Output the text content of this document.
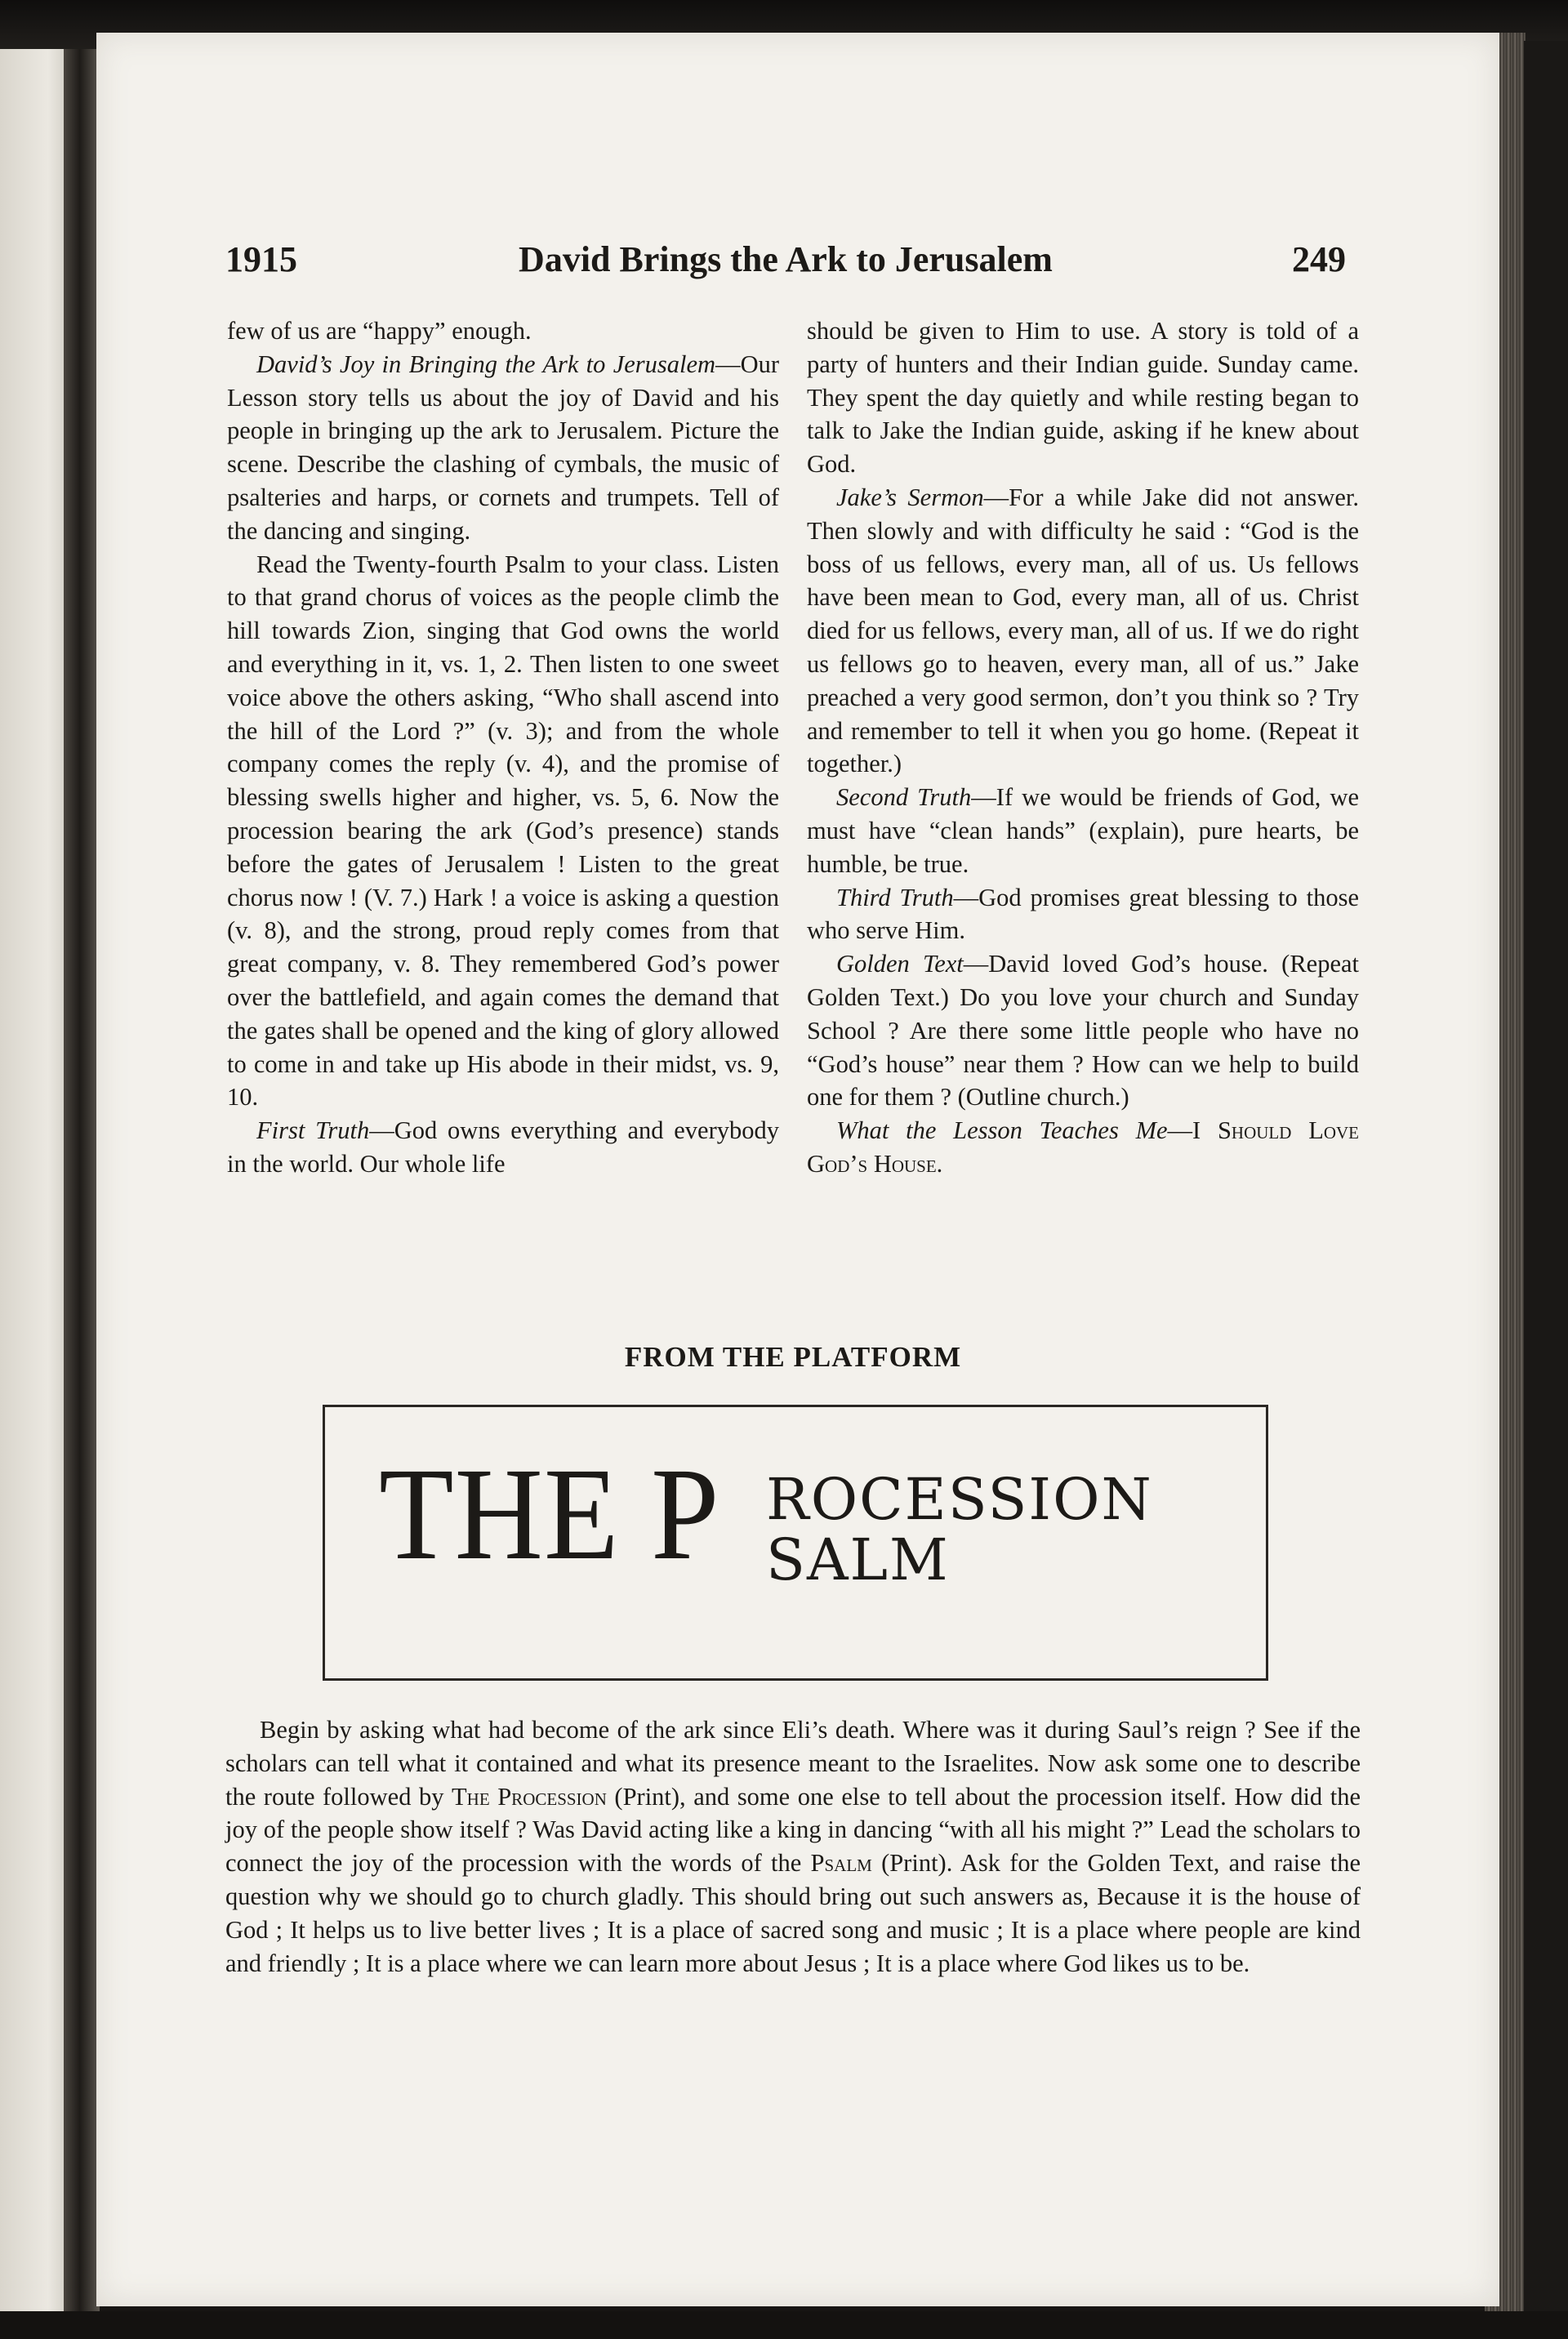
1915	David Brings the Ark to Jerusalem	249

few of us are “happy” enough.

David’s Joy in Bringing the Ark to Jerusalem—Our Lesson story tells us about the joy of David and his people in bringing up the ark to Jerusalem. Picture the scene. Describe the clashing of cymbals, the music of psalteries and harps, or cornets and trumpets. Tell of the dancing and singing.

Read the Twenty-fourth Psalm to your class. Listen to that grand chorus of voices as the people climb the hill towards Zion, singing that God owns the world and everything in it, vs. 1, 2. Then listen to one sweet voice above the others asking, “Who shall ascend into the hill of the Lord ?” (v. 3); and from the whole company comes the reply (v. 4), and the promise of blessing swells higher and higher, vs. 5, 6. Now the procession bearing the ark (God’s presence) stands before the gates of Jerusalem ! Listen to the great chorus now ! (V. 7.) Hark ! a voice is asking a question (v. 8), and the strong, proud reply comes from that great company, v. 8. They remembered God’s power over the battlefield, and again comes the demand that the gates shall be opened and the king of glory allowed to come in and take up His abode in their midst, vs. 9, 10.

First Truth—God owns everything and everybody in the world. Our whole life

should be given to Him to use. A story is told of a party of hunters and their Indian guide. Sunday came. They spent the day quietly and while resting began to talk to Jake the Indian guide, asking if he knew about God.

Jake’s Sermon—For a while Jake did not answer. Then slowly and with difficulty he said : “God is the boss of us fellows, every man, all of us. Us fellows have been mean to God, every man, all of us. Christ died for us fellows, every man, all of us. If we do right us fellows go to heaven, every man, all of us.” Jake preached a very good sermon, don’t you think so ? Try and remember to tell it when you go home. (Repeat it together.)

Second Truth—If we would be friends of God, we must have “clean hands” (explain), pure hearts, be humble, be true.

Third Truth—God promises great blessing to those who serve Him.

Golden Text—David loved God’s house. (Repeat Golden Text.) Do you love your church and Sunday School ? Are there some little people who have no “God’s house” near them ? How can we help to build one for them ? (Outline church.)

What the Lesson Teaches Me—I Should Love God’s House.

FROM THE PLATFORM
THE P ROCESSION
SALM

Begin by asking what had become of the ark since Eli’s death. Where was it during Saul’s reign ? See if the scholars can tell what it contained and what its presence meant to the Israelites. Now ask some one to describe the route followed by The Procession (Print), and some one else to tell about the procession itself. How did the joy of the people show itself ? Was David acting like a king in dancing “with all his might ?” Lead the scholars to connect the joy of the procession with the words of the Psalm (Print). Ask for the Golden Text, and raise the question why we should go to church gladly. This should bring out such answers as, Because it is the house of God ; It helps us to live better lives ; It is a place of sacred song and music ; It is a place where people are kind and friendly ; It is a place where we can learn more about Jesus ; It is a place where God likes us to be.
